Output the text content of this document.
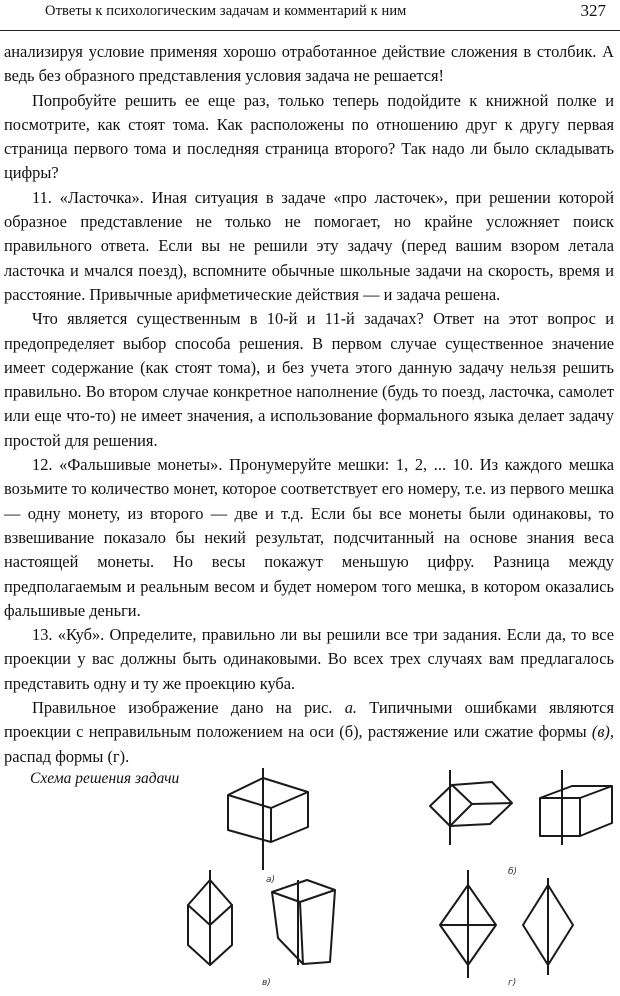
Ответы к психологическим задачам и комментарий к ним	327

анализируя условие применяя хорошо отработанное действие сложения в столбик. А ведь без образного представления условия задача не решается!

Попробуйте решить ее еще раз, только теперь подойдите к книжной полке и посмотрите, как стоят тома. Как расположены по отношению друг к другу первая страница первого тома и последняя страница второго? Так надо ли было складывать цифры?

11. «Ласточка». Иная ситуация в задаче «про ласточек», при решении которой образное представление не только не помогает, но крайне усложняет поиск правильного ответа. Если вы не решили эту задачу (перед вашим взором летала ласточка и мчался поезд), вспомните обычные школьные задачи на скорость, время и расстояние. Привычные арифметические действия — и задача решена.

Что является существенным в 10-й и 11-й задачах? Ответ на этот вопрос и предопределяет выбор способа решения. В первом случае существенное значение имеет содержание (как стоят тома), и без учета этого данную задачу нельзя решить правильно. Во втором случае конкретное наполнение (будь то поезд, ласточка, самолет или еще что-то) не имеет значения, а использование формального языка делает задачу простой для решения.

12. «Фальшивые монеты». Пронумеруйте мешки: 1, 2, ... 10. Из каждого мешка возьмите то количество монет, которое соответствует его номеру, т.е. из первого мешка — одну монету, из второго — две и т.д. Если бы все монеты были одинаковы, то взвешивание показало бы некий результат, подсчитанный на основе знания веса настоящей монеты. Но весы покажут меньшую цифру. Разница между предполагаемым и реальным весом и будет номером того мешка, в котором оказались фальшивые деньги.

13. «Куб». Определите, правильно ли вы решили все три задания. Если да, то все проекции у вас должны быть одинаковыми. Во всех трех случаях вам предлагалось представить одну и ту же проекцию куба.

Правильное изображение дано на рис. а. Типичными ошибками являются проекции с неправильным положением на оси (б), растяжение или сжатие формы (в), распад формы (г).

Схема решения задачи
а)
б)
в)	г)
